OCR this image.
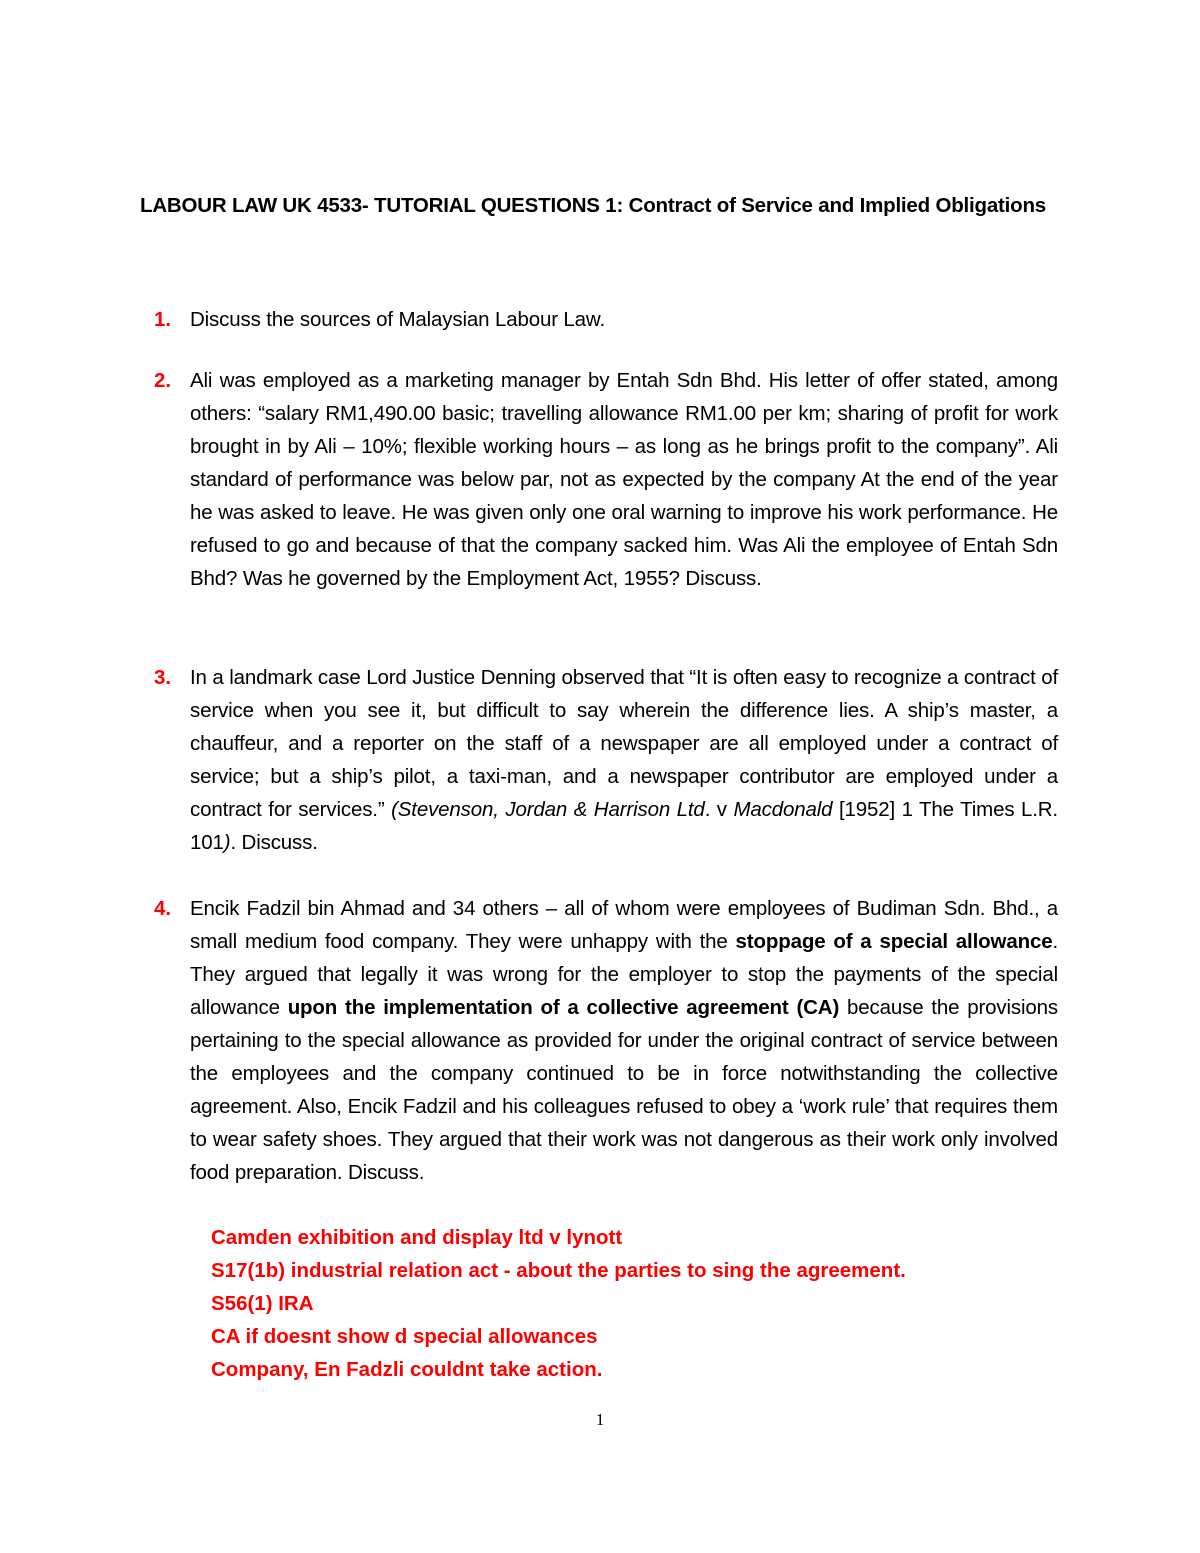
LABOUR LAW UK 4533- TUTORIAL QUESTIONS 1: Contract of Service and Implied Obligations
1. Discuss the sources of Malaysian Labour Law.
2. Ali was employed as a marketing manager by Entah Sdn Bhd. His letter of offer stated, among others: “salary RM1,490.00 basic; travelling allowance RM1.00 per km; sharing of profit for work brought in by Ali – 10%; flexible working hours – as long as he brings profit to the company”. Ali standard of performance was below par, not as expected by the company At the end of the year he was asked to leave. He was given only one oral warning to improve his work performance. He refused to go and because of that the company sacked him. Was Ali the employee of Entah Sdn Bhd? Was he governed by the Employment Act, 1955? Discuss.
3. In a landmark case Lord Justice Denning observed that “It is often easy to recognize a contract of service when you see it, but difficult to say wherein the difference lies. A ship’s master, a chauffeur, and a reporter on the staff of a newspaper are all employed under a contract of service; but a ship’s pilot, a taxi-man, and a newspaper contributor are employed under a contract for services.” (Stevenson, Jordan & Harrison Ltd. v Macdonald [1952] 1 The Times L.R. 101). Discuss.
4. Encik Fadzil bin Ahmad and 34 others – all of whom were employees of Budiman Sdn. Bhd., a small medium food company. They were unhappy with the stoppage of a special allowance. They argued that legally it was wrong for the employer to stop the payments of the special allowance upon the implementation of a collective agreement (CA) because the provisions pertaining to the special allowance as provided for under the original contract of service between the employees and the company continued to be in force notwithstanding the collective agreement. Also, Encik Fadzil and his colleagues refused to obey a ‘work rule’ that requires them to wear safety shoes. They argued that their work was not dangerous as their work only involved food preparation. Discuss.
Camden exhibition and display ltd v lynott
S17(1b) industrial relation act - about the parties to sing the agreement.
S56(1) IRA
CA if doesnt show d special allowances
Company, En Fadzli couldnt take action.
1
